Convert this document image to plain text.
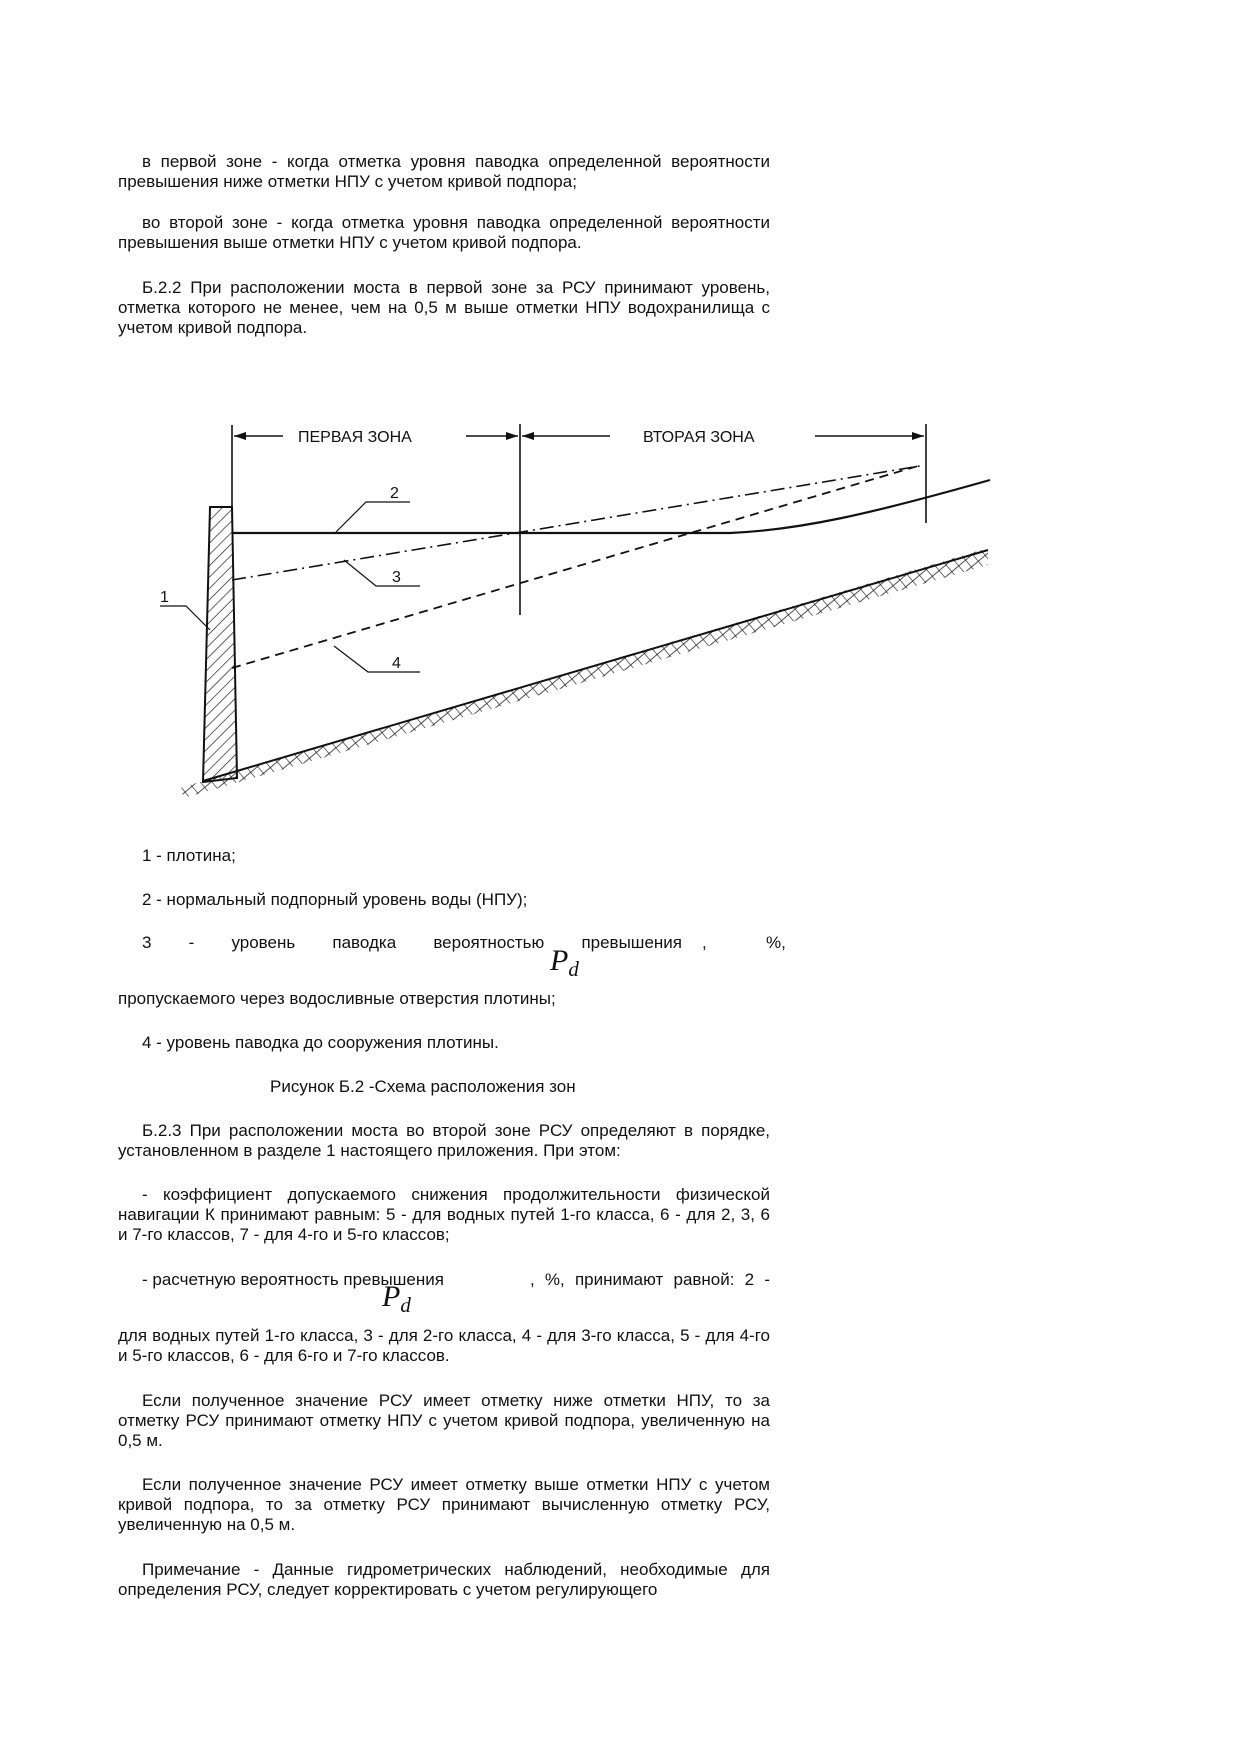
в первой зоне - когда отметка уровня паводка определенной вероятности превышения ниже отметки НПУ с учетом кривой подпора;

во второй зоне - когда отметка уровня паводка определенной вероятности превышения выше отметки НПУ с учетом кривой подпора.

Б.2.2 При расположении моста в первой зоне за РСУ принимают уровень, отметка которого не менее, чем на 0,5 м выше отметки НПУ водохранилища с учетом кривой подпора.

ПЕРВАЯ ЗОНА	ВТОРАЯ ЗОНА
1
2
3
4

1 - плотина;

2 - нормальный подпорный уровень воды (НПУ);

3 - уровень паводка вероятностью превышения ,	%,
$P_d$

пропускаемого через водосливные отверстия плотины;

4 - уровень паводка до сооружения плотины.

Рисунок Б.2 -Схема расположения зон

Б.2.3 При расположении моста во второй зоне РСУ определяют в порядке, установленном в разделе 1 настоящего приложения. При этом:

- коэффициент допускаемого снижения продолжительности физической навигации К принимают равным: 5 - для водных путей 1-го класса, 6 - для 2, 3, 6 и 7-го классов, 7 - для 4-го и 5-го классов;

- расчетную вероятность превышения	, %, принимают равной: 2 -
$P_d$

для водных путей 1-го класса, 3 - для 2-го класса, 4 - для 3-го класса, 5 - для 4-го и 5-го классов, 6 - для 6-го и 7-го классов.

Если полученное значение РСУ имеет отметку ниже отметки НПУ, то за отметку РСУ принимают отметку НПУ с учетом кривой подпора, увеличенную на 0,5 м.

Если полученное значение РСУ имеет отметку выше отметки НПУ с учетом кривой подпора, то за отметку РСУ принимают вычисленную отметку РСУ, увеличенную на 0,5 м.

Примечание - Данные гидрометрических наблюдений, необходимые для определения РСУ, следует корректировать с учетом регулирующего
